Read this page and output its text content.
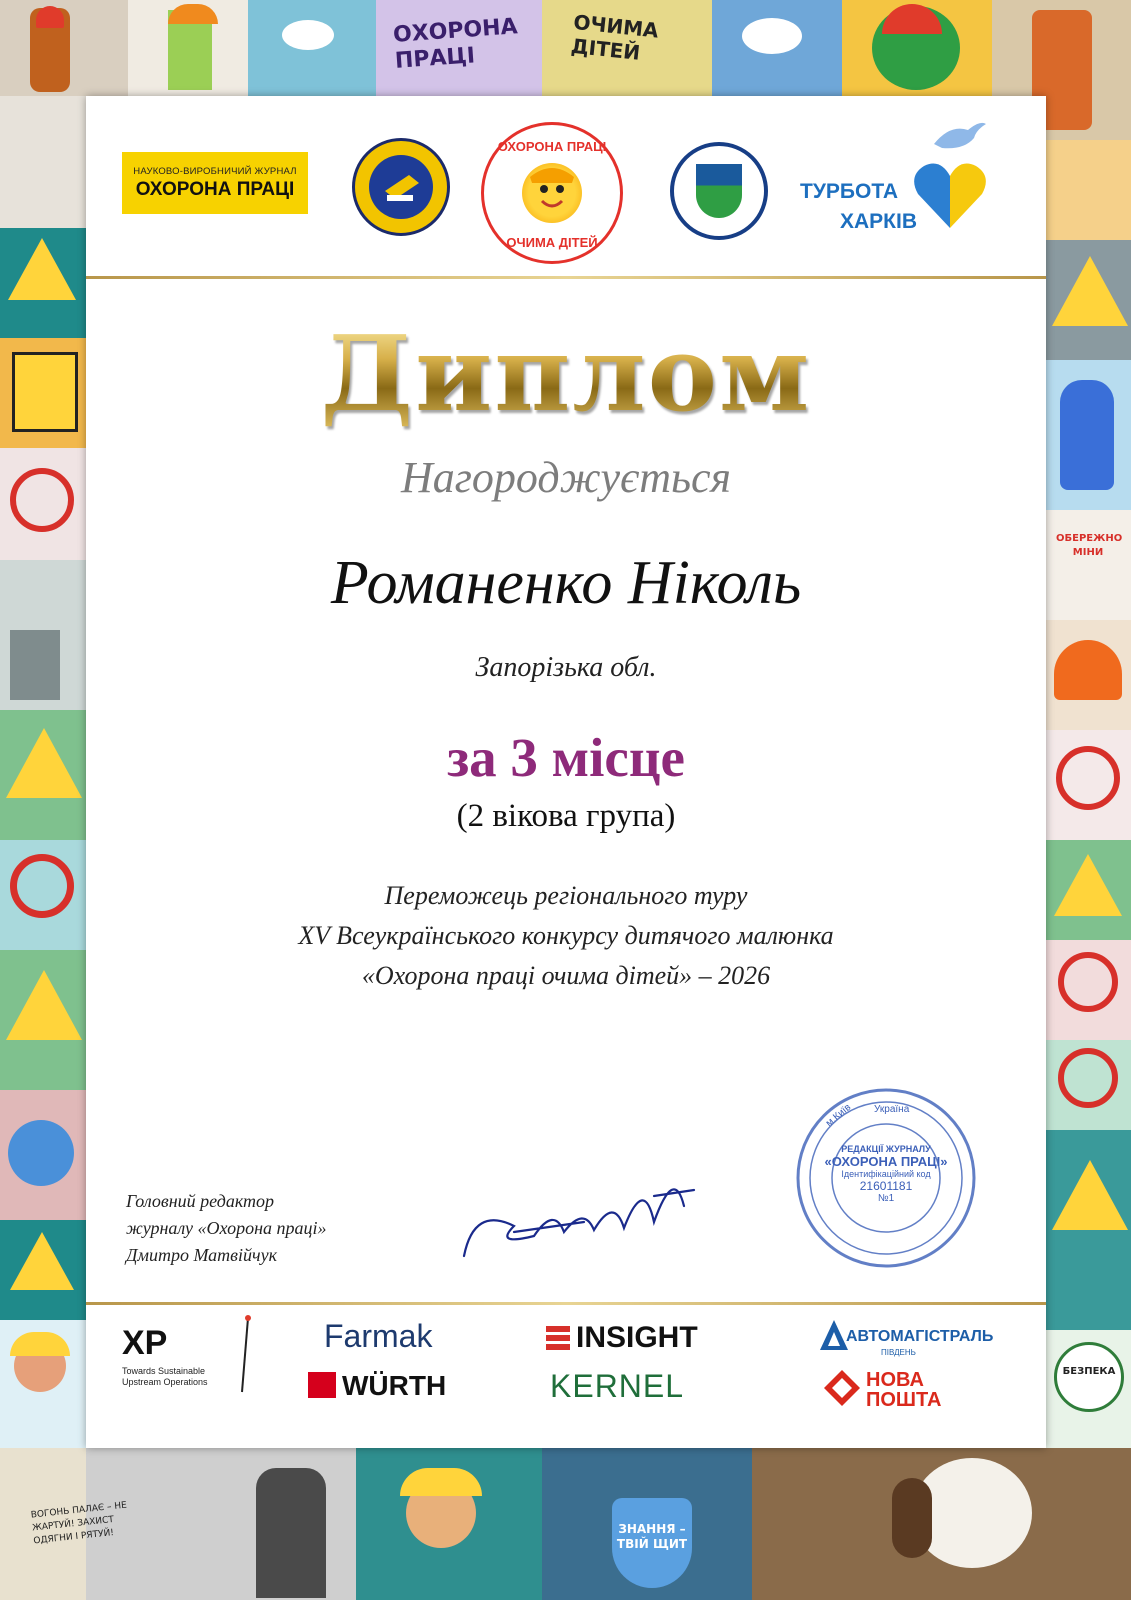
ОХОРОНА ПРАЦІ
ОЧИМА ДІТЕЙ
ОБЕРЕЖНО МІНИ
БЕЗПЕКА
ВОГОНЬ ПАЛАЄ – НЕ ЖАРТУЙ! ЗАХИСТ ОДЯГНИ І РЯТУЙ!	ЗНАННЯ – ТВІЙ ЩИТ
НАУКОВО-ВИРОБНИЧИЙ ЖУРНАЛ
ОХОРОНА ПРАЦІ
ОХОРОНА ПРАЦІ
ОЧИМА ДІТЕЙ
ТУРБОТА
ХАРКІВ
Диплом
Нагороджується
Романенко Ніколь
Запорізька обл.
за 3 місце
(2 вікова група)
Переможець регіонального туру
XV Всеукраїнського конкурсу дитячого малюнка
«Охорона праці очима дітей» – 2026
Головний редактор
журналу «Охорона праці»
Дмитро Матвійчук
м.Київ Україна
РЕДАКЦІЇ ЖУРНАЛУ
«ОХОРОНА ПРАЦІ»
Ідентифікаційний код
21601181
№1
XP
Towards Sustainable
Upstream Operations
Farmak
WÜRTH
INSIGHT
KERNEL
АВТОМАГІСТРАЛЬ
ПІВДЕНЬ
НОВА
ПОШТА
